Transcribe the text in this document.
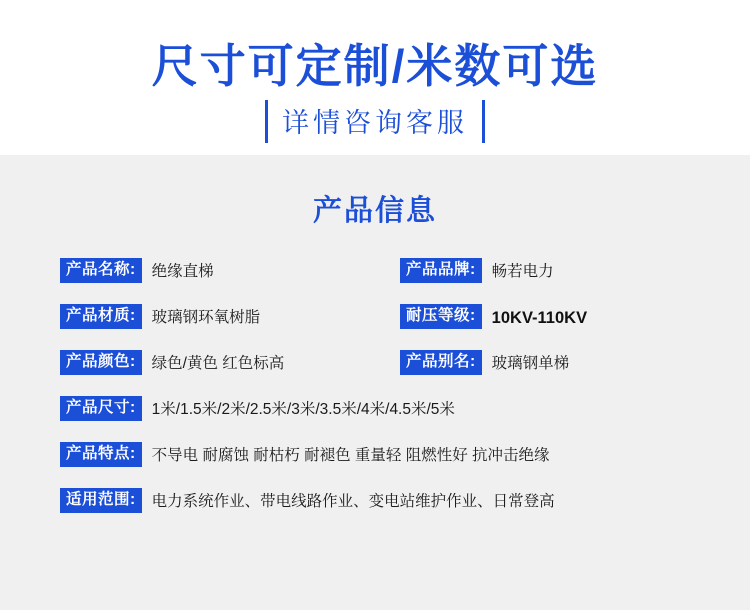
尺寸可定制/米数可选
详情咨询客服
产品信息
产品名称:	绝缘直梯	产品品牌:	畅若电力
产品材质:	玻璃钢环氧树脂	耐压等级: 10KV-110KV
产品颜色:	绿色/黄色 红色标高	产品别名:	玻璃钢单梯
产品尺寸:	1米/1.5米/2米/2.5米/3米/3.5米/4米/4.5米/5米
产品特点:	不导电 耐腐蚀 耐枯朽 耐褪色 重量轻 阻燃性好 抗冲击绝缘
适用范围:	电力系统作业、带电线路作业、变电站维护作业、日常登高
